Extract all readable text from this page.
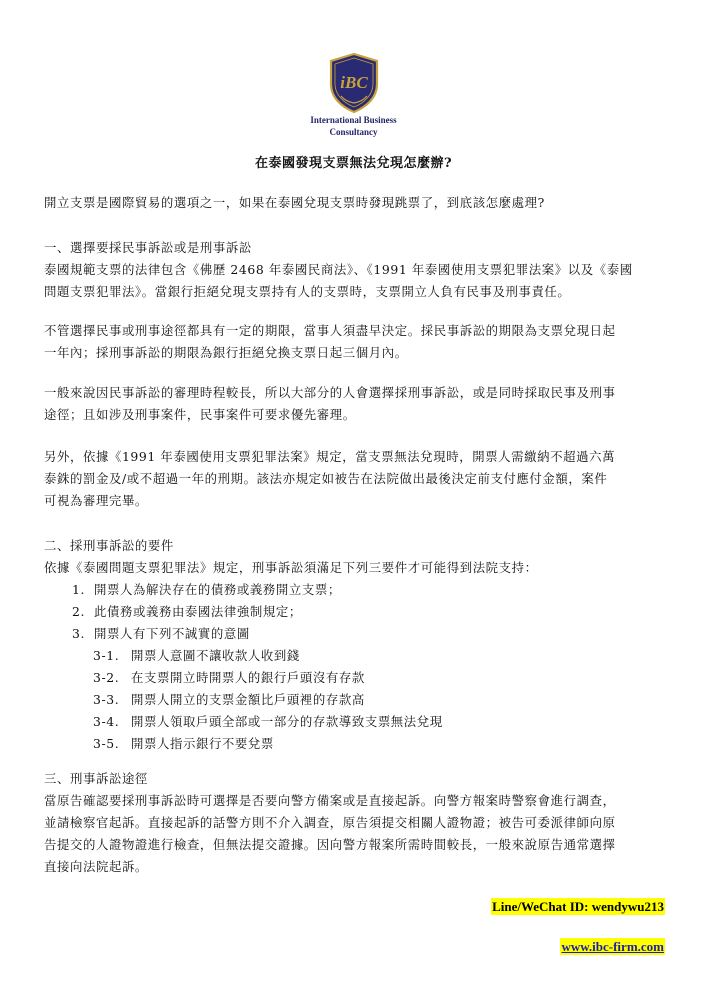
iBC
International Business
Consultancy
在泰國發現支票無法兌現怎麼辦?
開立支票是國際貿易的選項之一，如果在泰國兌現支票時發現跳票了，到底該怎麼處理?
一、選擇要採民事訴訟或是刑事訴訟
泰國規範支票的法律包含《佛歷 2468 年泰國民商法》、《1991 年泰國使用支票犯罪法案》以及《泰國
問題支票犯罪法》。當銀行拒絕兌現支票持有人的支票時，支票開立人負有民事及刑事責任。
不管選擇民事或刑事途徑都具有一定的期限，當事人須盡早決定。採民事訴訟的期限為支票兌現日起
一年內；採刑事訴訟的期限為銀行拒絕兌換支票日起三個月內。
一般來說因民事訴訟的審理時程較長，所以大部分的人會選擇採刑事訴訟，或是同時採取民事及刑事
途徑；且如涉及刑事案件，民事案件可要求優先審理。
另外，依據《1991 年泰國使用支票犯罪法案》規定，當支票無法兌現時，開票人需繳納不超過六萬
泰銖的罰金及/或不超過一年的刑期。該法亦規定如被告在法院做出最後決定前支付應付金額，案件
可視為審理完畢。
二、採刑事訴訟的要件
依據《泰國問題支票犯罪法》規定，刑事訴訟須滿足下列三要件才可能得到法院支持：
1. 開票人為解決存在的債務或義務開立支票；
2. 此債務或義務由泰國法律強制規定；
3. 開票人有下列不誠實的意圖
3-1. 開票人意圖不讓收款人收到錢
3-2. 在支票開立時開票人的銀行戶頭沒有存款
3-3. 開票人開立的支票金額比戶頭裡的存款高
3-4. 開票人領取戶頭全部或一部分的存款導致支票無法兌現
3-5. 開票人指示銀行不要兌票
三、刑事訴訟途徑
當原告確認要採刑事訴訟時可選擇是否要向警方備案或是直接起訴。向警方報案時警察會進行調查，
並請檢察官起訴。直接起訴的話警方則不介入調查，原告須提交相關人證物證；被告可委派律師向原
告提交的人證物證進行檢查，但無法提交證據。因向警方報案所需時間較長，一般來說原告通常選擇
直接向法院起訴。
Line/WeChat ID: wendywu213
www.ibc-firm.com
